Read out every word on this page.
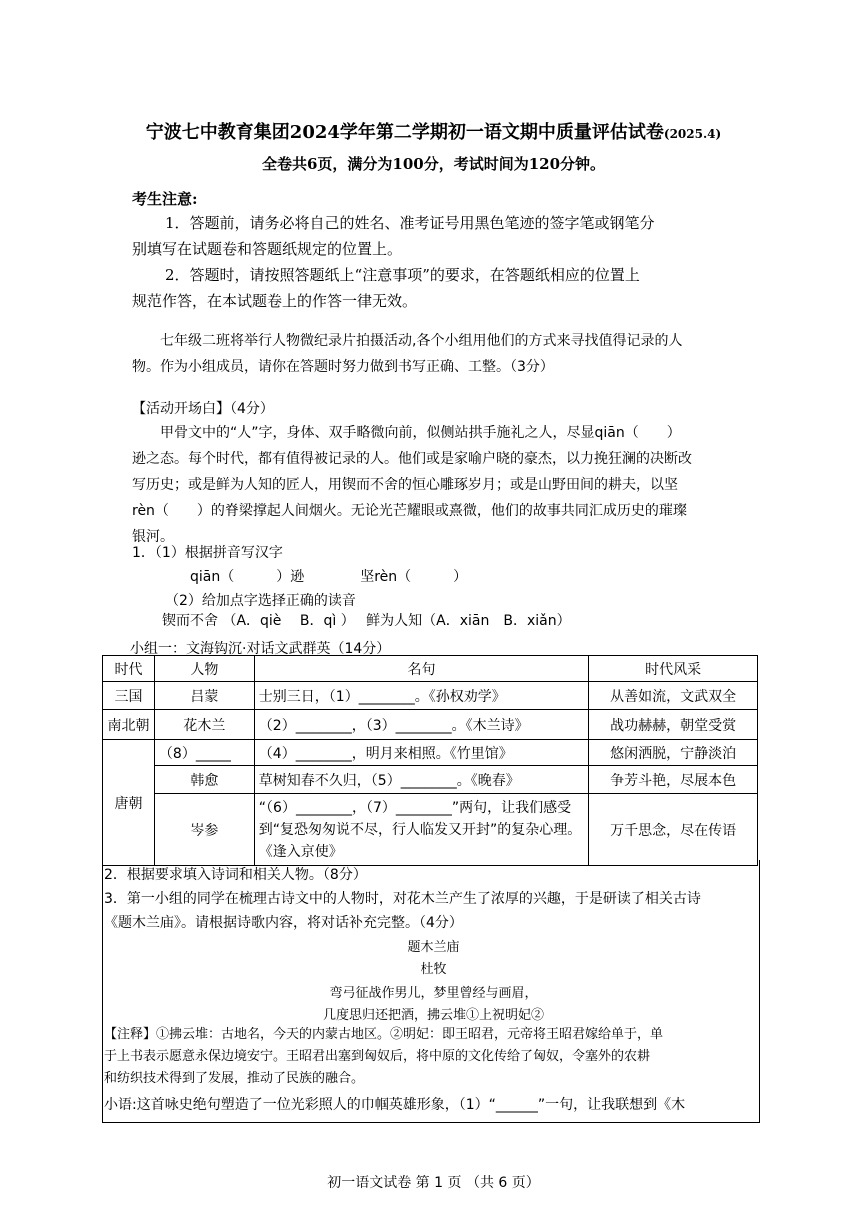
宁波七中教育集团2024学年第二学期初一语文期中质量评估试卷(2025.4)
全卷共6页，满分为100分，考试时间为120分钟。
考生注意:
1．答题前，请务必将自己的姓名、准考证号用黑色笔迹的签字笔或钢笔分
别填写在试题卷和答题纸规定的位置上。
2．答题时，请按照答题纸上“注意事项”的要求，在答题纸相应的位置上
规范作答，在本试题卷上的作答一律无效。
七年级二班将举行人物微纪录片拍摄活动,各个小组用他们的方式来寻找值得记录的人
物。作为小组成员，请你在答题时努力做到书写正确、工整。（3分）
【活动开场白】（4分）
甲骨文中的“人”字，身体、双手略微向前，似侧站拱手施礼之人，尽显qiān（　　）
逊之态。每个时代，都有值得被记录的人。他们或是家喻户晓的豪杰，以力挽狂澜的决断改
写历史；或是鲜为人知的匠人，用锲而不舍的恒心雕琢岁月；或是山野田间的耕夫，以坚
rèn（　　）的脊梁撑起人间烟火。无论光芒耀眼或熹微，他们的故事共同汇成历史的璀璨
银河。
1．（1）根据拼音写汉字
qiān（　　　）逊　　　　坚rèn（　　　）
（2）给加点字选择正确的读音
锲而不舍 （A．qiè　 B．qì ）　 鲜为人知（A．xiān　B．xiǎn）
小组一：文海钩沉·对话文武群英（14分）
时代	人物	名句	时代风采
三国	吕蒙	士别三日，（1）________。《孙权劝学》	从善如流，文武双全
南北朝	花木兰	（2）________，（3）________。《木兰诗》	战功赫赫，朝堂受赏
唐朝	（8）_____	（4）________，明月来相照。《竹里馆》	悠闲洒脱，宁静淡泊
	韩愈	草树知春不久归，（5）________。《晚春》	争芳斗艳，尽展本色
	岑参	“（6）________，（7）________”两句，让我们感受到“复恐匆匆说不尽，行人临发又开封”的复杂心理。《逢入京使》	万千思念，尽在传语
2．根据要求填入诗词和相关人物。（8分）
3．第一小组的同学在梳理古诗文中的人物时，对花木兰产生了浓厚的兴趣，于是研读了相关古诗
《题木兰庙》。请根据诗歌内容，将对话补充完整。（4分）
题木兰庙
杜牧
弯弓征战作男儿，梦里曾经与画眉，
几度思归还把酒，拂云堆①上祝明妃②
【注释】①拂云堆：古地名，今天的内蒙古地区。②明妃：即王昭君，元帝将王昭君嫁给单于，单
于上书表示愿意永保边境安宁。王昭君出塞到匈奴后，将中原的文化传给了匈奴，令塞外的农耕
和纺织技术得到了发展，推动了民族的融合。
小语:这首咏史绝句塑造了一位光彩照人的巾帼英雄形象，（1）“______”一句，让我联想到《木
初一语文试卷 第 1 页 （共 6 页）
